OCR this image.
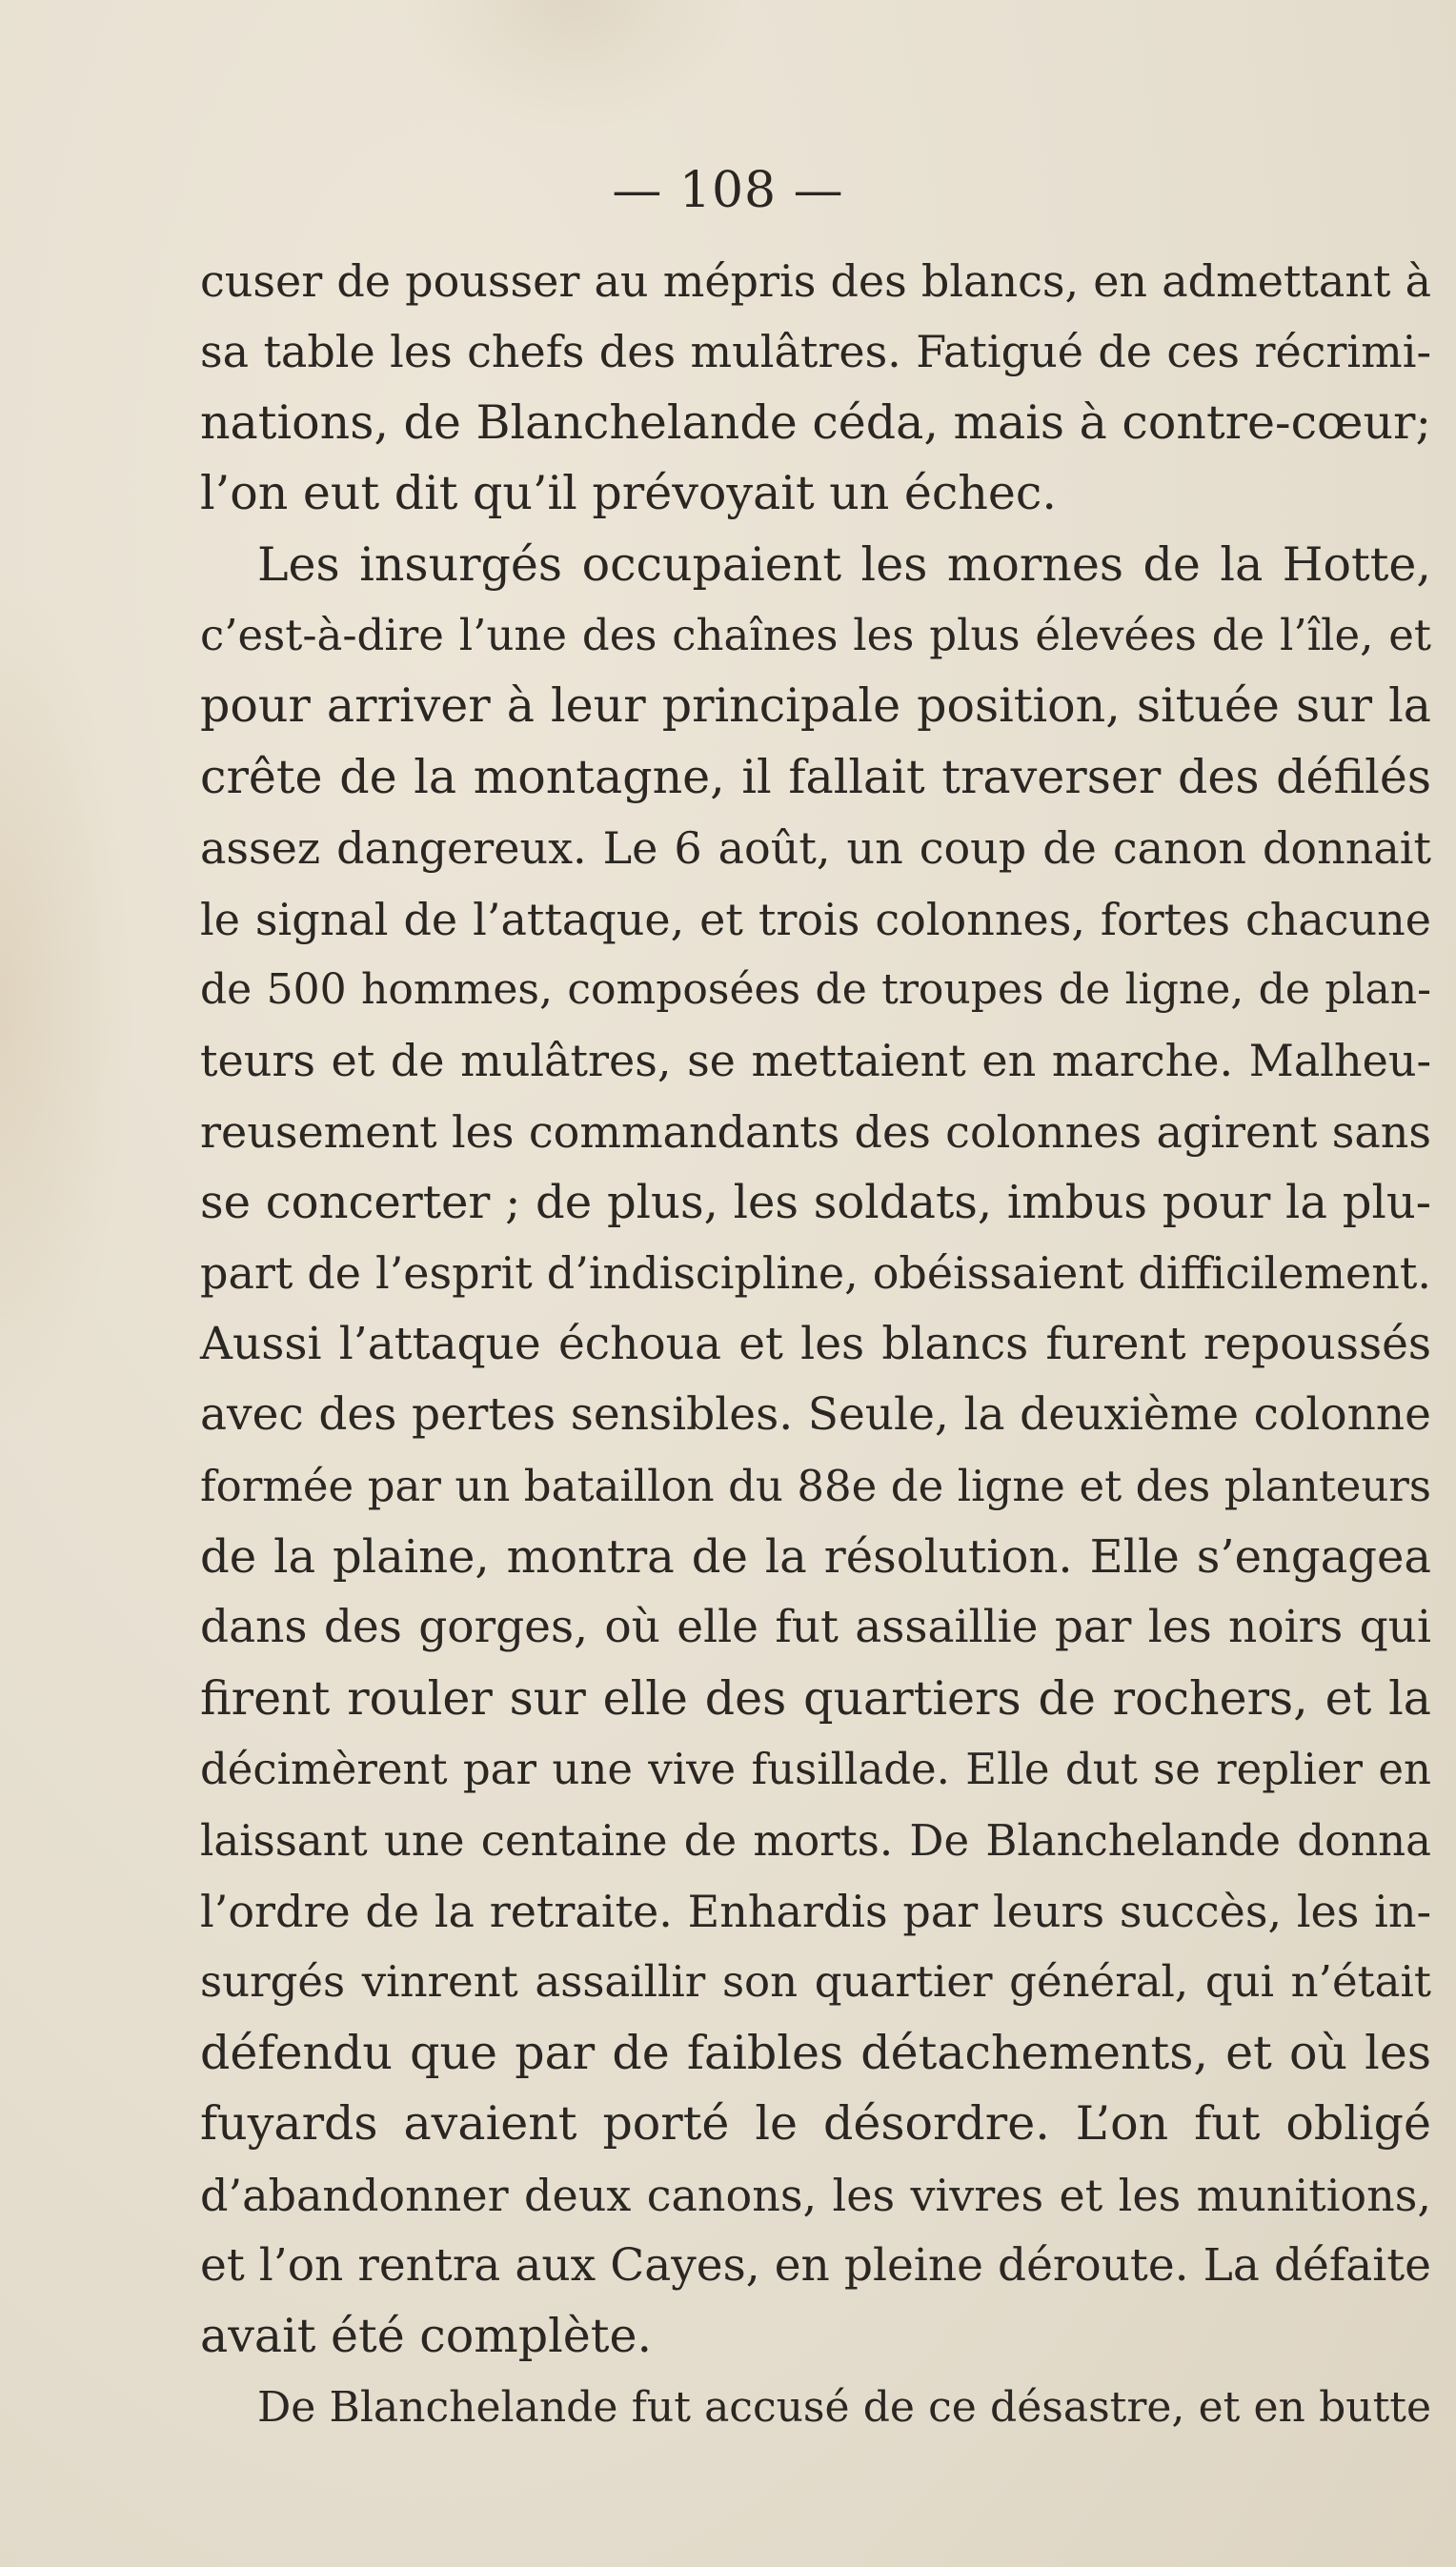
— 108 —
cuser de pousser au mépris des blancs, en admettant à
sa table les chefs des mulâtres. Fatigué de ces récrimi-
nations, de Blanchelande céda, mais à contre-cœur;
l’on eut dit qu’il prévoyait un échec.
Les insurgés occupaient les mornes de la Hotte,
c’est-à-dire l’une des chaînes les plus élevées de l’île, et
pour arriver à leur principale position, située sur la
crête de la montagne, il fallait traverser des défilés
assez dangereux. Le 6 août, un coup de canon donnait
le signal de l’attaque, et trois colonnes, fortes chacune
de 500 hommes, composées de troupes de ligne, de plan-
teurs et de mulâtres, se mettaient en marche. Malheu-
reusement les commandants des colonnes agirent sans
se concerter ; de plus, les soldats, imbus pour la plu-
part de l’esprit d’indiscipline, obéissaient difficilement.
Aussi l’attaque échoua et les blancs furent repoussés
avec des pertes sensibles. Seule, la deuxième colonne
formée par un bataillon du 88e de ligne et des planteurs
de la plaine, montra de la résolution. Elle s’engagea
dans des gorges, où elle fut assaillie par les noirs qui
firent rouler sur elle des quartiers de rochers, et la
décimèrent par une vive fusillade. Elle dut se replier en
laissant une centaine de morts. De Blanchelande donna
l’ordre de la retraite. Enhardis par leurs succès, les in-
surgés vinrent assaillir son quartier général, qui n’était
défendu que par de faibles détachements, et où les
fuyards avaient porté le désordre. L’on fut obligé
d’abandonner deux canons, les vivres et les munitions,
et l’on rentra aux Cayes, en pleine déroute. La défaite
avait été complète.
De Blanchelande fut accusé de ce désastre, et en butte
